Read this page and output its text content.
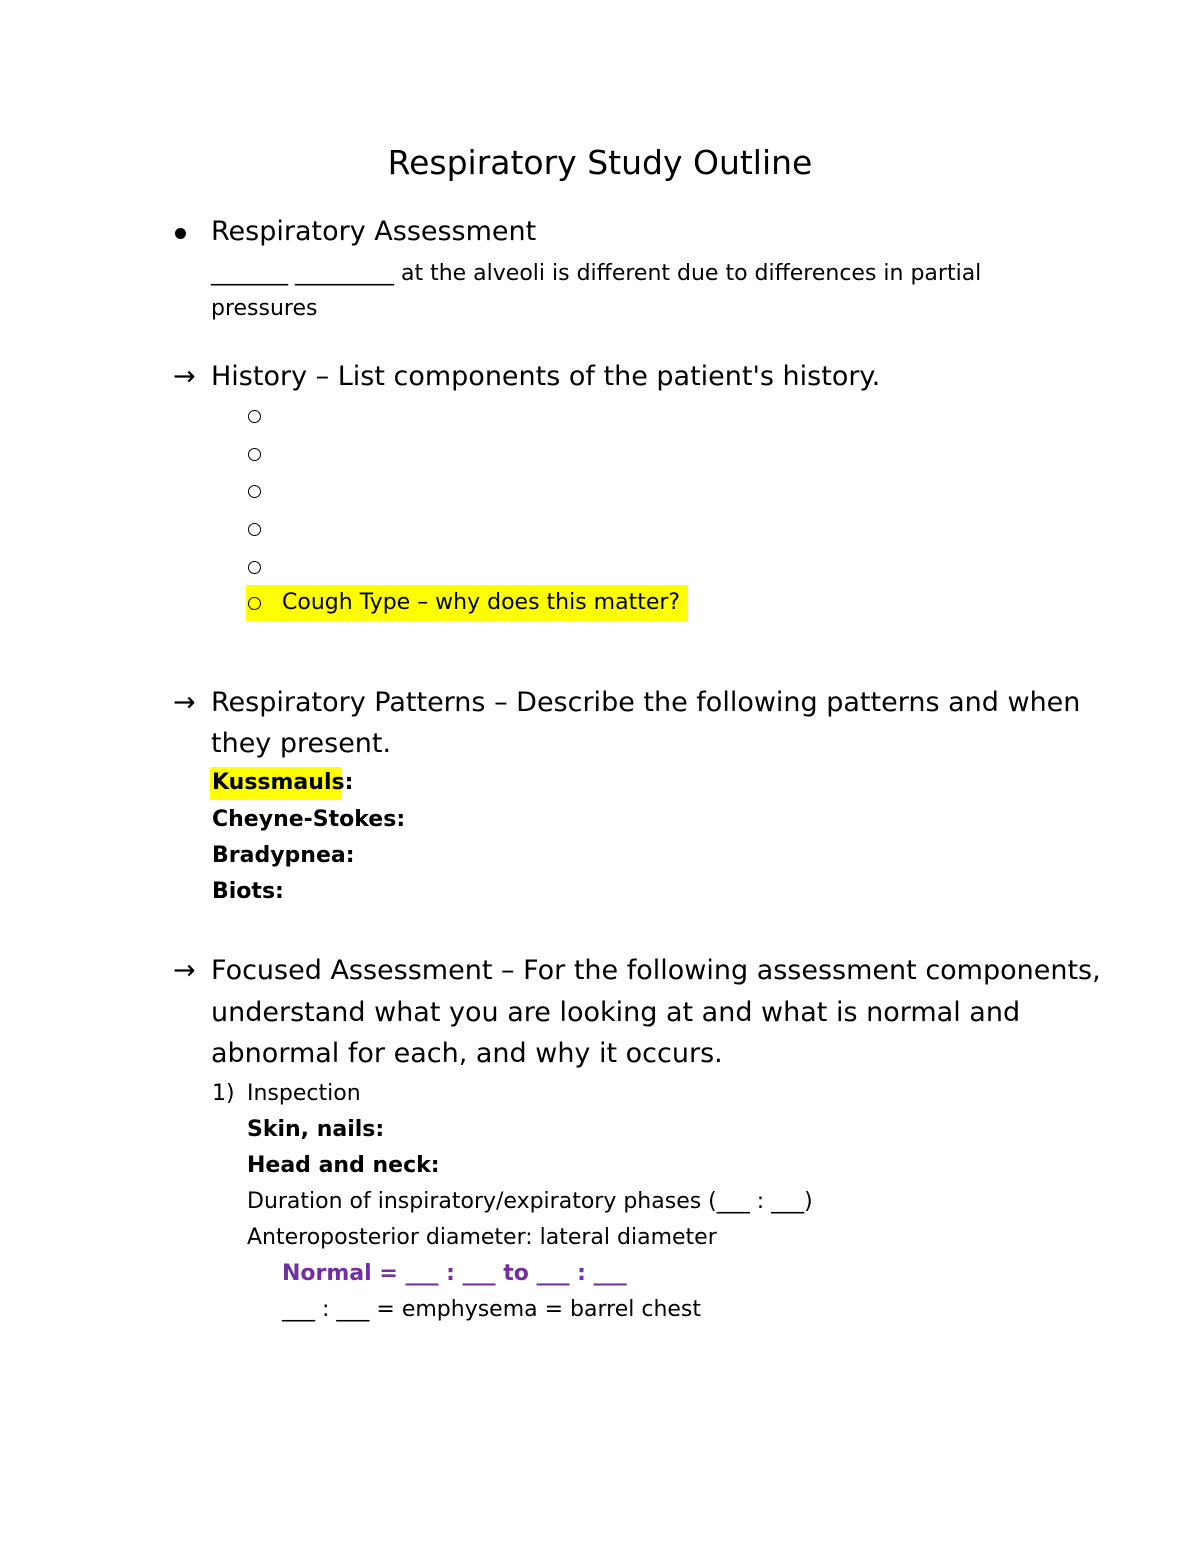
Respiratory Study Outline
Respiratory Assessment
_______ _________ at the alveoli is different due to differences in partial
pressures
→ History – List components of the patient's history.
Cough Type – why does this matter?
→ Respiratory Patterns – Describe the following patterns and when
they present.
Kussmauls:
Cheyne-Stokes:
Bradypnea:
Biots:
→ Focused Assessment – For the following assessment components,
understand what you are looking at and what is normal and
abnormal for each, and why it occurs.
1) Inspection
Skin, nails:
Head and neck:
Duration of inspiratory/expiratory phases (___ : ___)
Anteroposterior diameter: lateral diameter
Normal = ___ : ___ to ___ : ___
___ : ___ = emphysema = barrel chest
